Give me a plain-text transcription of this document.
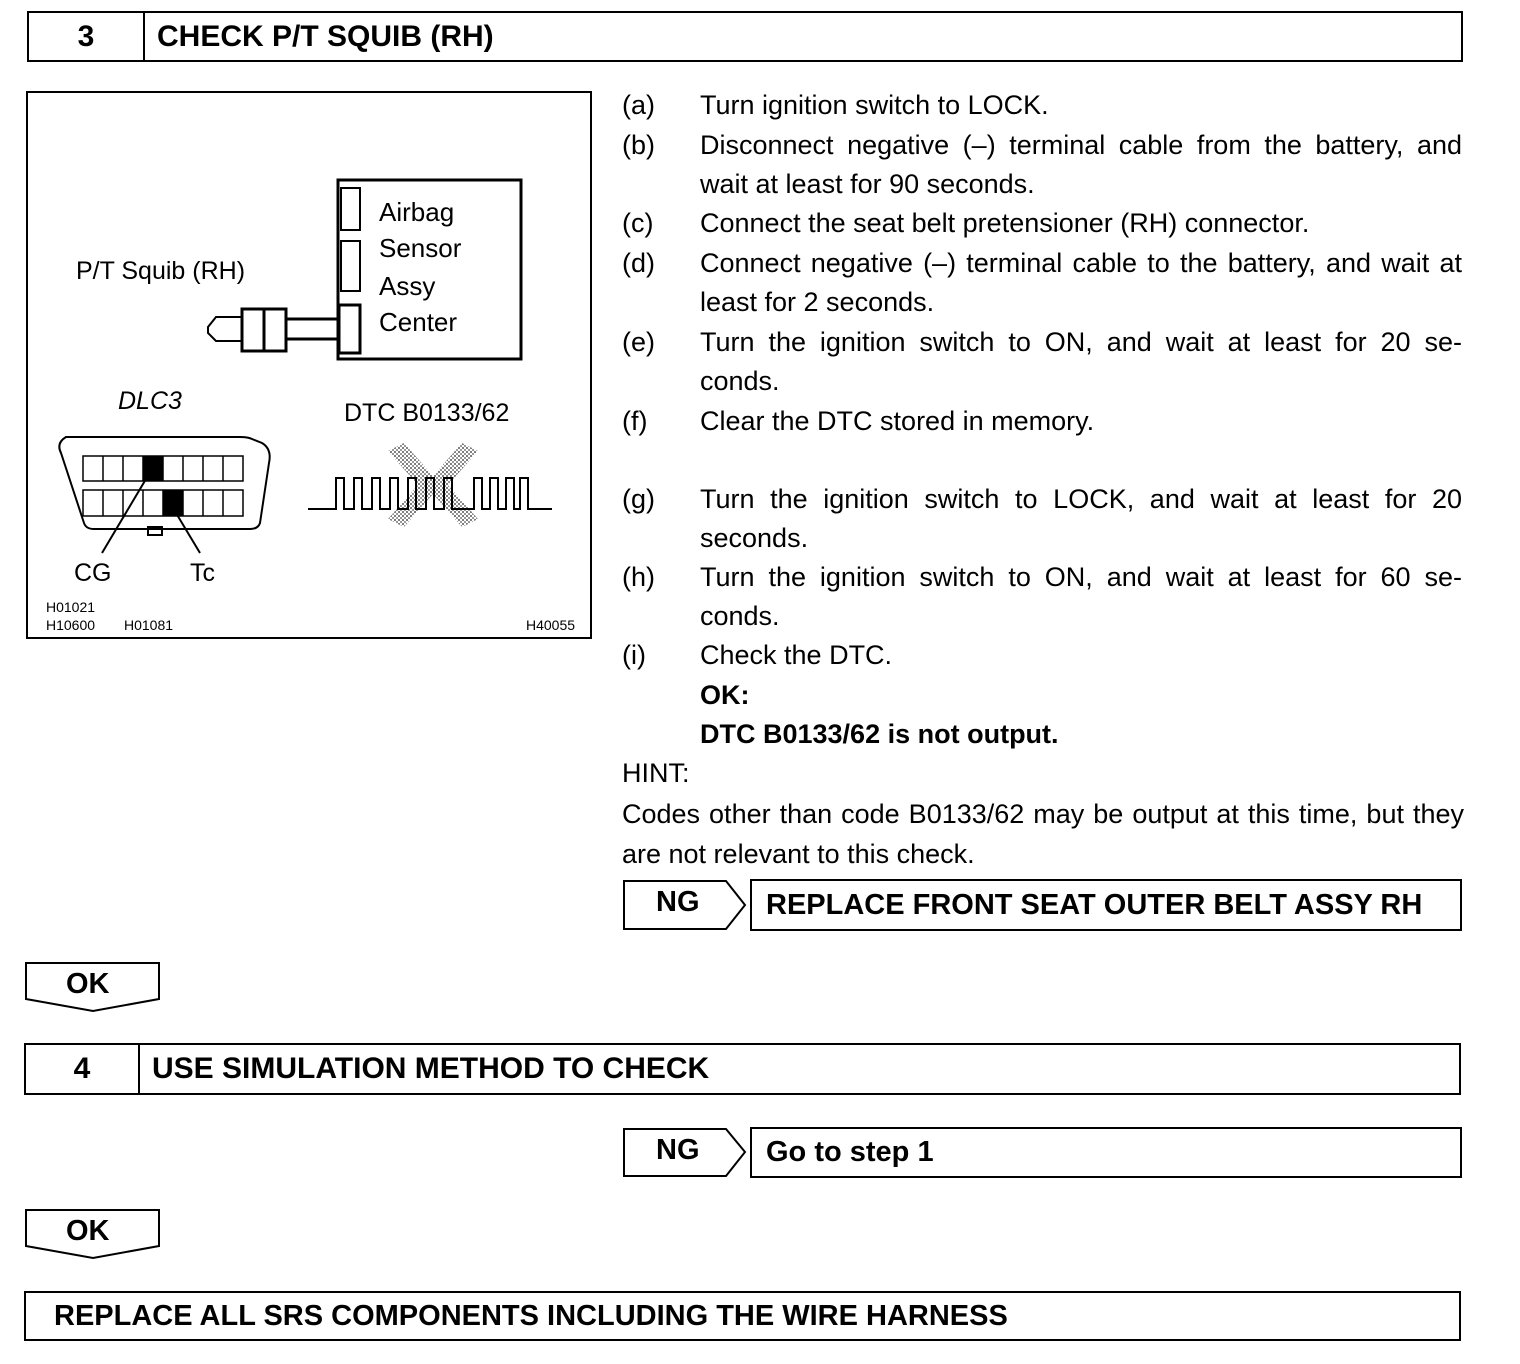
3	CHECK P/T SQUIB (RH)
Airbag
Sensor
Assy
Center
P/T Squib (RH)
DLC3
CG	Tc
DTC B0133/62
H01021
H10600 H01081	H40055
(a)	Turn ignition switch to LOCK.
(b)	Disconnect negative (–) terminal cable from the battery, and wait at least for 90 seconds.
(c)	Connect the seat belt pretensioner (RH) connector.
(d)	Connect negative (–) terminal cable to the battery, and wait at least for 2 seconds.
(e)	Turn the ignition switch to ON, and wait at least for 20 se-conds.
(f)	Clear the DTC stored in memory.
(g)	Turn the ignition switch to LOCK, and wait at least for 20 seconds.
(h)	Turn the ignition switch to ON, and wait at least for 60 se-conds.
(i)	Check the DTC.
OK:
DTC B0133/62 is not output.
HINT:
Codes other than code B0133/62 may be output at this time, but they are not relevant to this check.
NG	REPLACE FRONT SEAT OUTER BELT ASSY RH
OK
4	USE SIMULATION METHOD TO CHECK
NG	Go to step 1
OK
REPLACE ALL SRS COMPONENTS INCLUDING THE WIRE HARNESS
